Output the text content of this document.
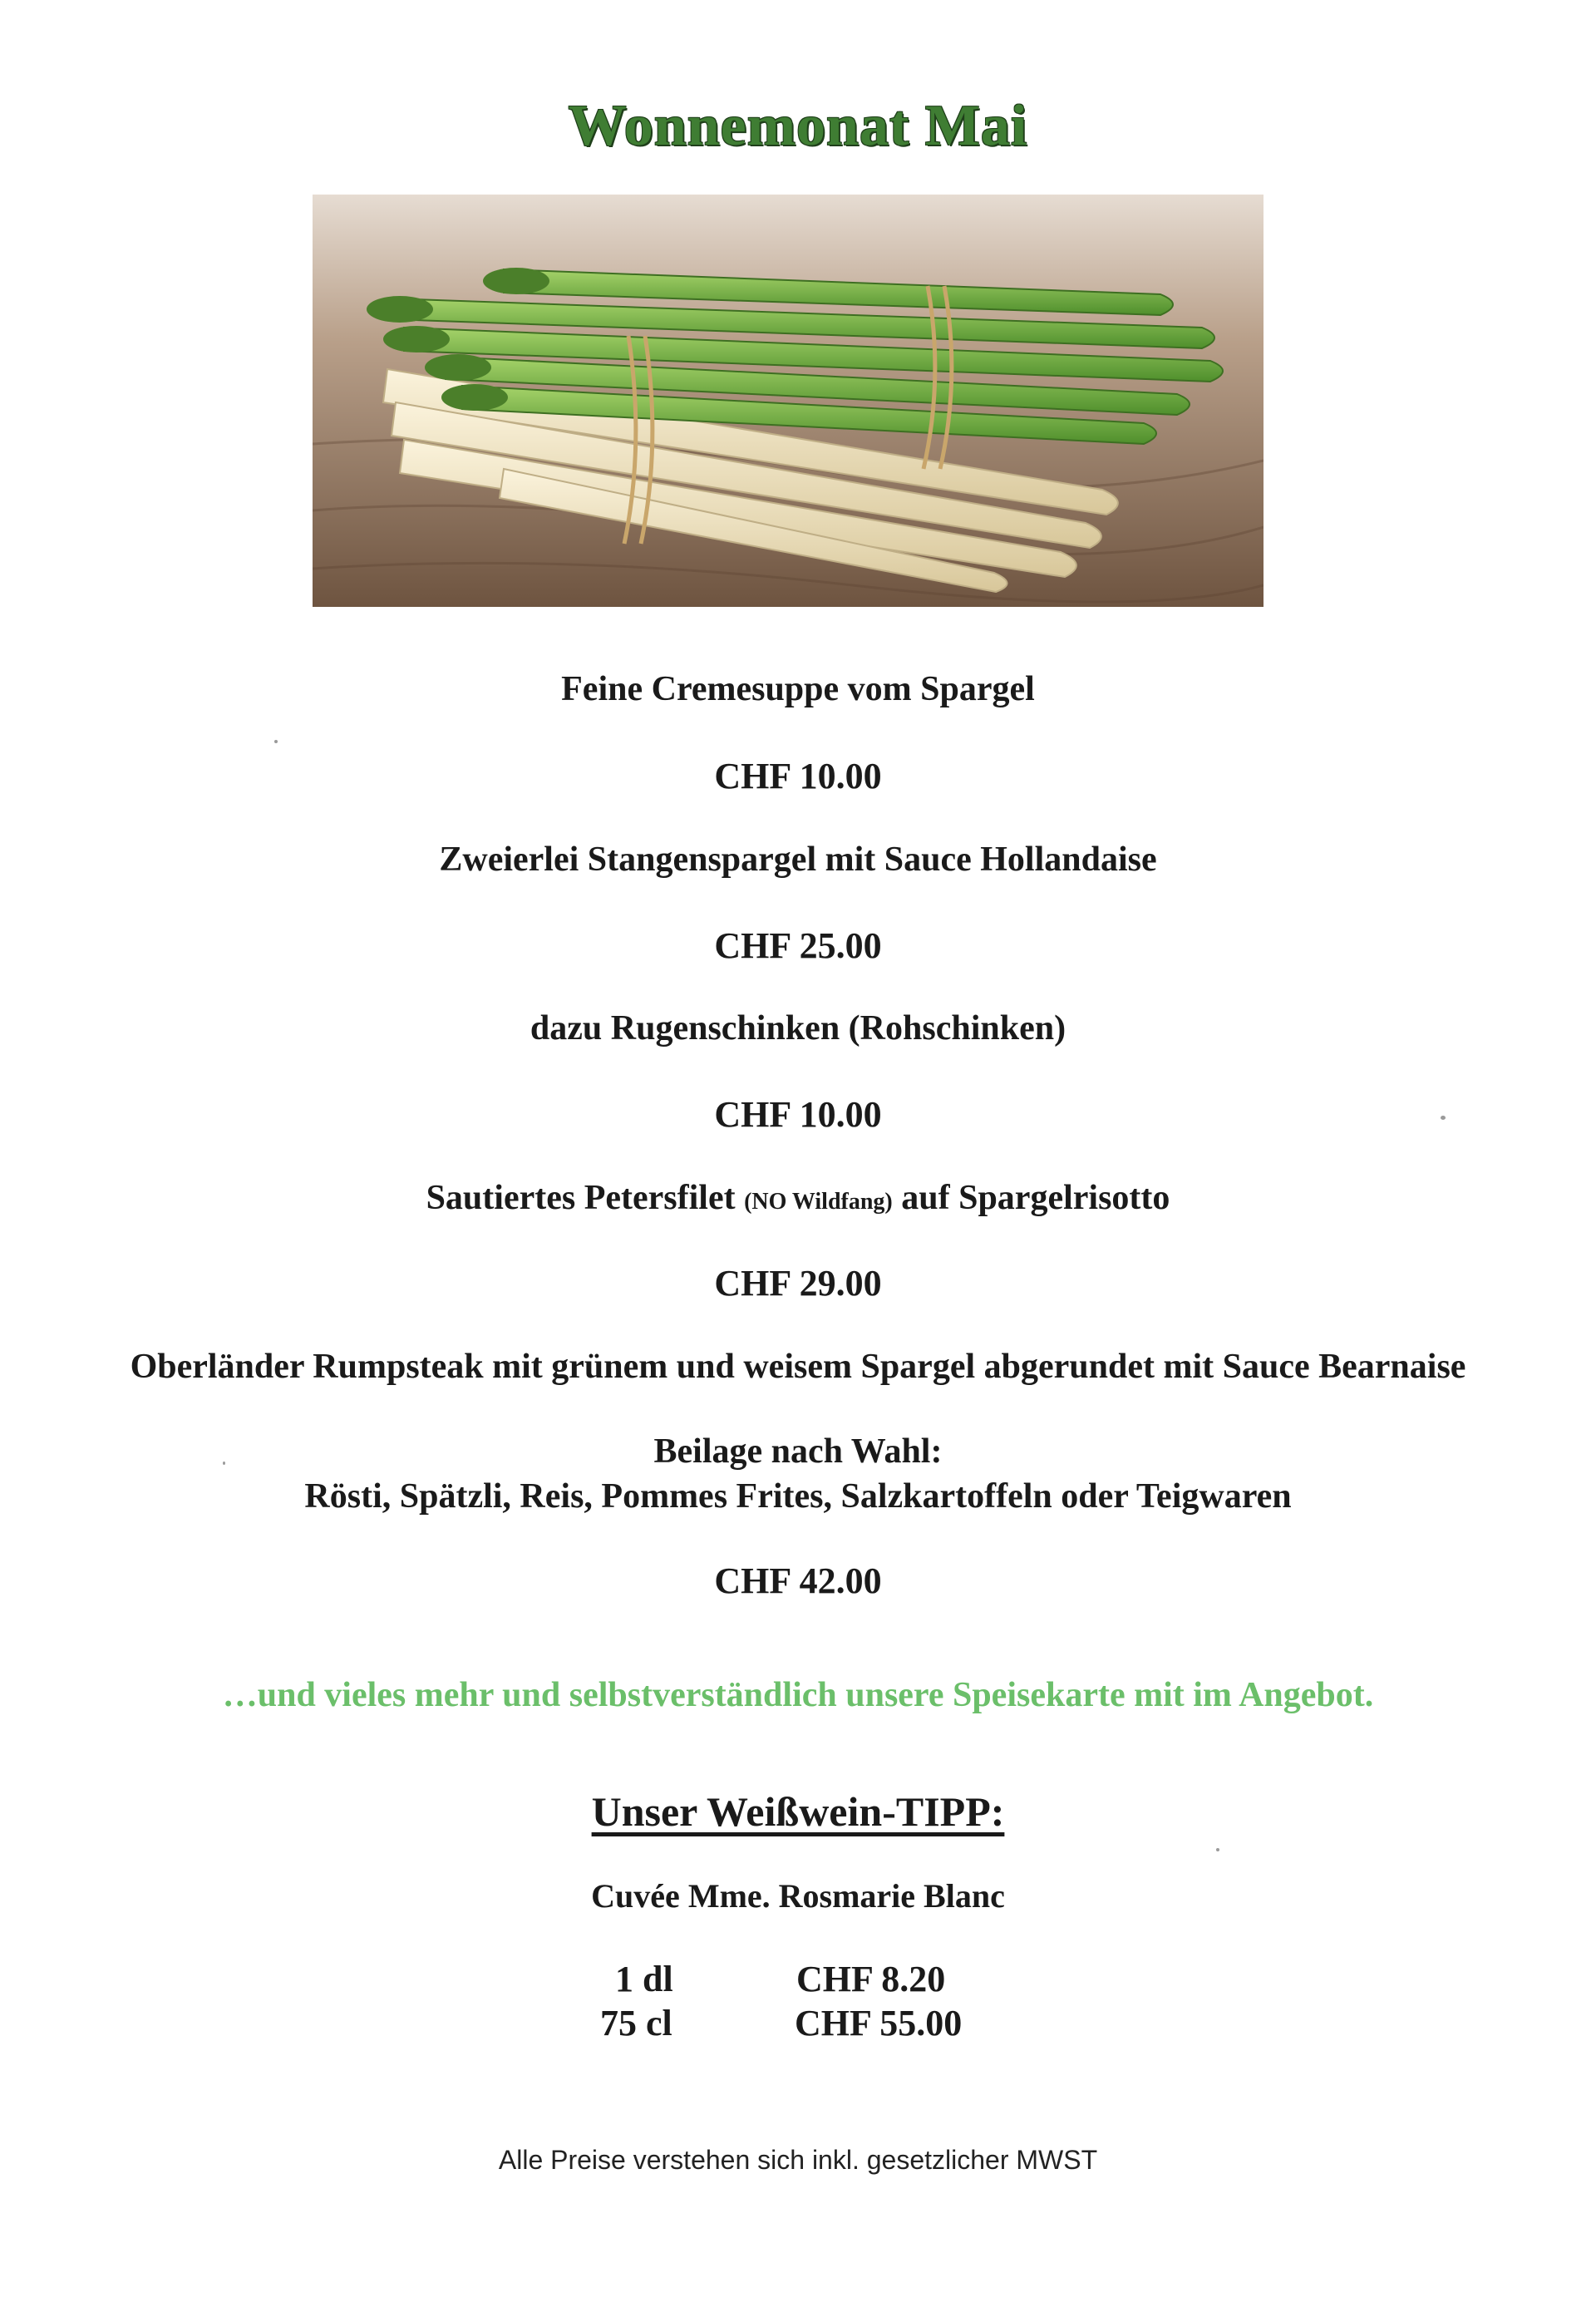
Wonnemonat Mai
Feine Cremesuppe vom Spargel
CHF 10.00
Zweierlei Stangenspargel mit Sauce Hollandaise
CHF 25.00
dazu Rugenschinken (Rohschinken)
CHF 10.00
Sautiertes Petersfilet (NO Wildfang) auf Spargelrisotto
CHF 29.00
Oberländer Rumpsteak mit grünem und weisem Spargel abgerundet mit Sauce Bearnaise
Beilage nach Wahl:
Rösti, Spätzli, Reis, Pommes Frites, Salzkartoffeln oder Teigwaren
CHF 42.00
…und vieles mehr und selbstverständlich unsere Speisekarte mit im Angebot.
Unser Weißwein-TIPP:
Cuvée Mme. Rosmarie Blanc
1 dl	CHF 8.20
75 cl	CHF 55.00
Alle Preise verstehen sich inkl. gesetzlicher MWST
